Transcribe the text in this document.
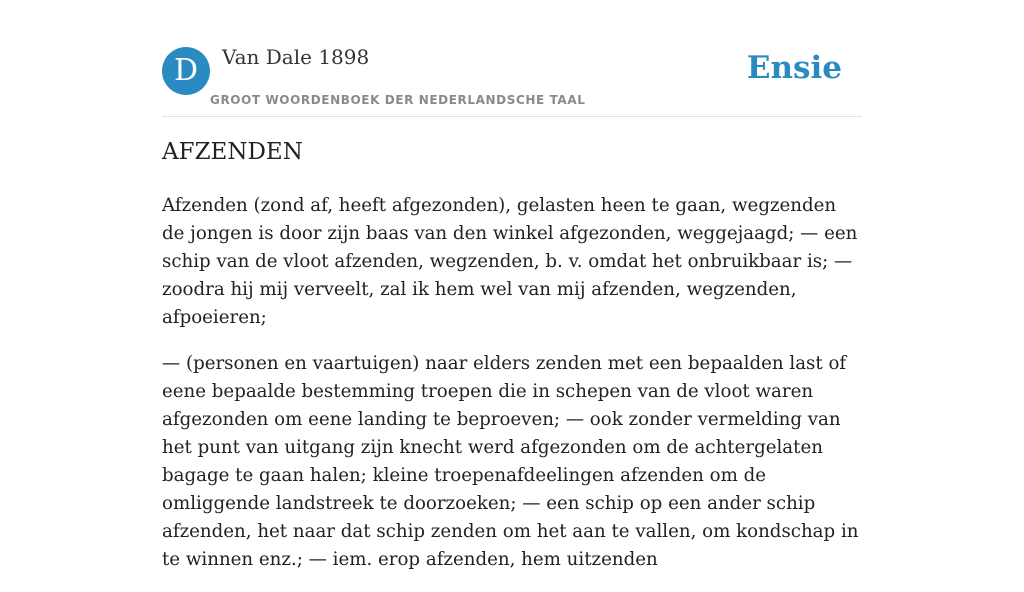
D	Van Dale 1898
GROOT WOORDENBOEK DER NEDERLANDSCHE TAAL
Ensie
AFZENDEN

Afzenden (zond af, heeft afgezonden), gelasten heen te gaan, wegzenden de jongen is door zijn baas van den winkel afgezonden, weggejaagd; — een schip van de vloot afzenden, wegzenden, b. v. omdat het onbruikbaar is; — zoodra hij mij verveelt, zal ik hem wel van mij afzenden, wegzenden, afpoeieren;

— (personen en vaartuigen) naar elders zenden met een bepaalden last of eene bepaalde bestemming troepen die in schepen van de vloot waren afgezonden om eene landing te beproeven; — ook zonder vermelding van het punt van uitgang zijn knecht werd afgezonden om de achtergelaten bagage te gaan halen; kleine troepenafdeelingen afzenden om de omliggende landstreek te doorzoeken; — een schip op een ander schip afzenden, het naar dat schip zenden om het aan te vallen, om kondschap in te winnen enz.; — iem. erop afzenden, hem uitzenden
